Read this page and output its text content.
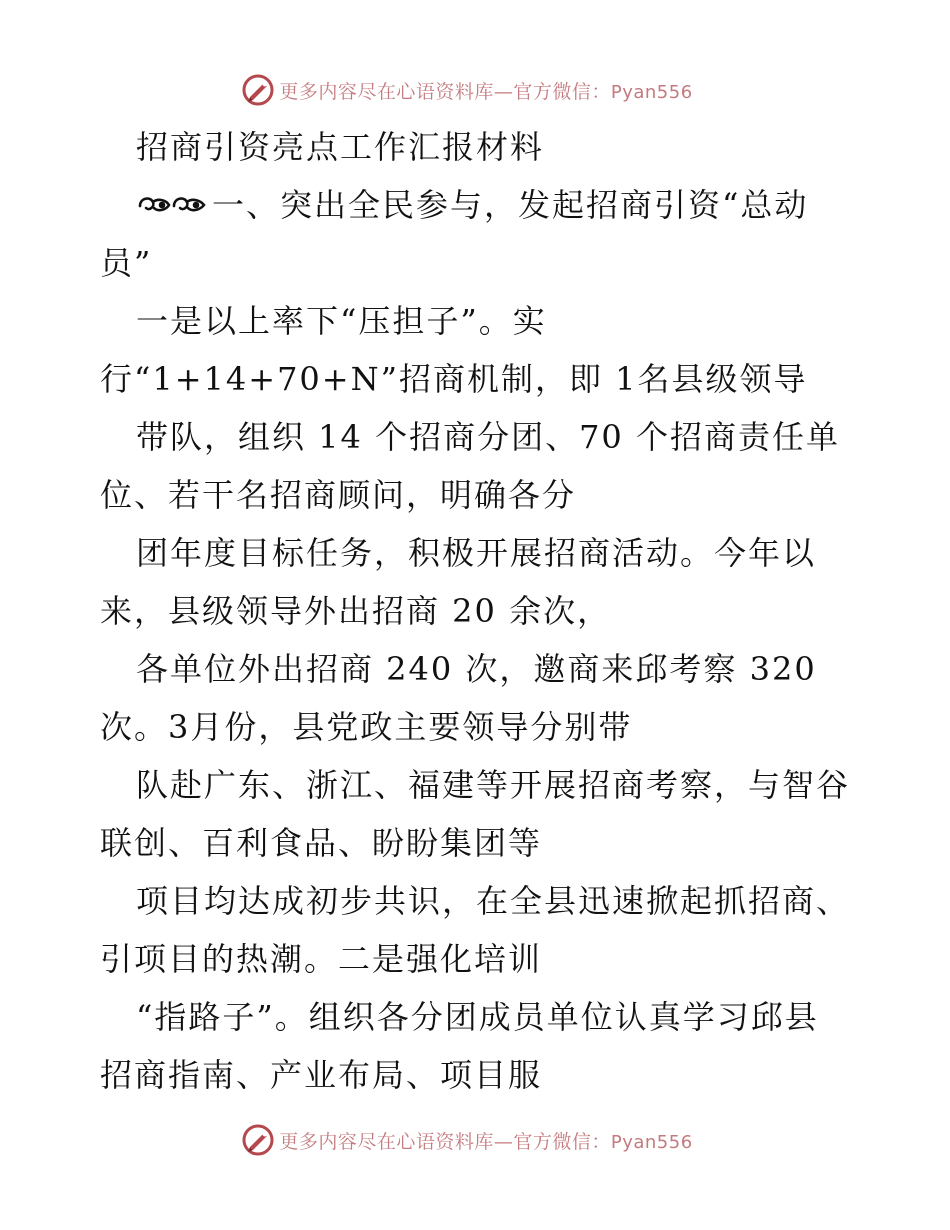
更多内容尽在心语资料库—官方微信：Pyan556
招商引资亮点工作汇报材料
一、突出全民参与，发起招商引资“总动
员”
一是以上率下“压担子”。实
行“1+14+70+N”招商机制，即 1名县级领导
带队，组织 14 个招商分团、70 个招商责任单
位、若干名招商顾问，明确各分
团年度目标任务，积极开展招商活动。今年以
来，县级领导外出招商 20 余次，
各单位外出招商 240 次，邀商来邱考察 320
次。3月份，县党政主要领导分别带
队赴广东、浙江、福建等开展招商考察，与智谷
联创、百利食品、盼盼集团等
项目均达成初步共识，在全县迅速掀起抓招商、
引项目的热潮。二是强化培训
“指路子”。组织各分团成员单位认真学习邱县
招商指南、产业布局、项目服
更多内容尽在心语资料库—官方微信：Pyan556
